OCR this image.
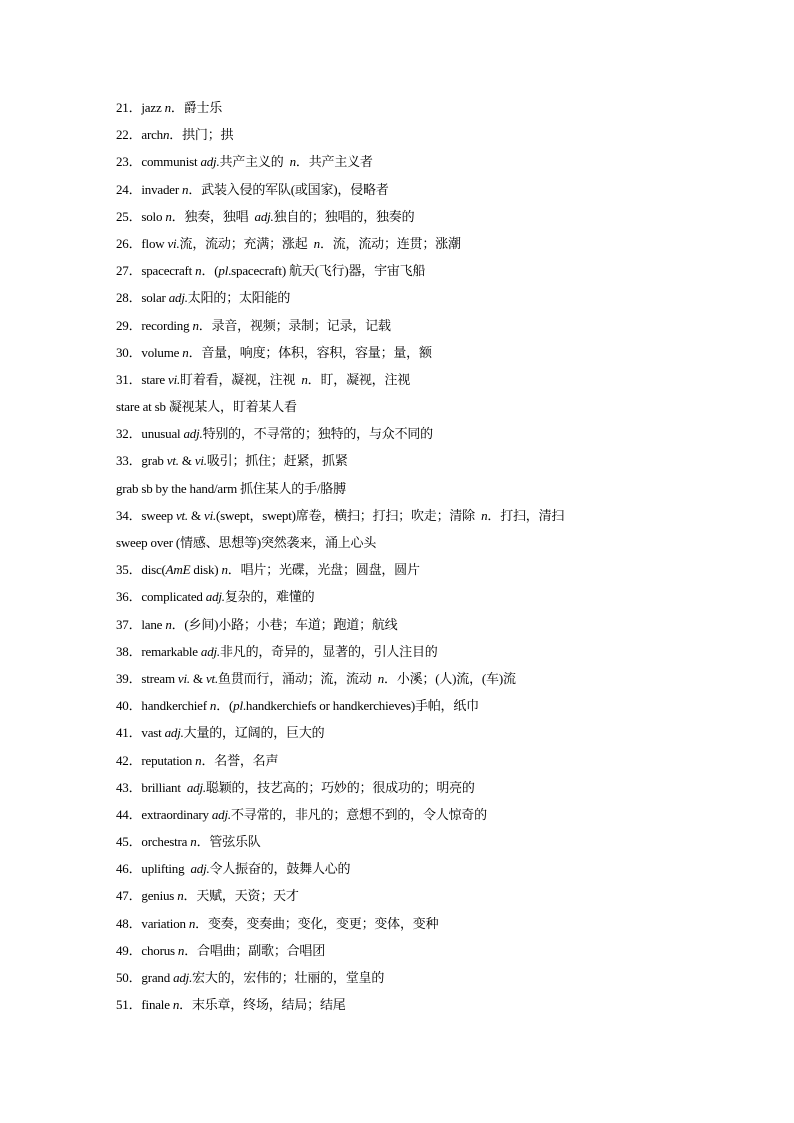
21．jazz n．爵士乐
22．archn．拱门；拱
23．communist adj.共产主义的  n．共产主义者
24．invader n．武装入侵的军队(或国家)，侵略者
25．solo n．独奏，独唱  adj.独自的；独唱的，独奏的
26．flow vi.流，流动；充满；涨起  n．流，流动；连贯；涨潮
27．spacecraft n．(pl.spacecraft) 航天(飞行)器，宇宙飞船
28．solar adj.太阳的；太阳能的
29．recording n．录音，视频；录制；记录，记载
30．volume n．音量，响度；体积，容积，容量；量，额
31．stare vi.盯着看，凝视，注视  n．盯，凝视，注视
stare at sb 凝视某人，盯着某人看
32．unusual adj.特别的，不寻常的；独特的，与众不同的
33．grab vt. & vi.吸引；抓住；赶紧，抓紧
grab sb by the hand/arm 抓住某人的手/胳膊
34．sweep vt. & vi.(swept，swept)席卷，横扫；打扫；吹走；清除  n．打扫，清扫
sweep over (情感、思想等)突然袭来，涌上心头
35．disc(AmE disk) n．唱片；光碟，光盘；圆盘，圆片
36．complicated adj.复杂的，难懂的
37．lane n．(乡间)小路；小巷；车道；跑道；航线
38．remarkable adj.非凡的，奇异的，显著的，引人注目的
39．stream vi. & vt.鱼贯而行，涌动；流，流动  n．小溪；(人)流，(车)流
40．handkerchief n．(pl.handkerchiefs or handkerchieves)手帕，纸巾
41．vast adj.大量的，辽阔的，巨大的
42．reputation n．名誉，名声
43．brilliant  adj.聪颖的，技艺高的；巧妙的；很成功的；明亮的
44．extraordinary adj.不寻常的，非凡的；意想不到的，令人惊奇的
45．orchestra n．管弦乐队
46．uplifting  adj.令人振奋的，鼓舞人心的
47．genius n．天赋，天资；天才
48．variation n．变奏，变奏曲；变化，变更；变体，变种
49．chorus n．合唱曲；副歌；合唱团
50．grand adj.宏大的，宏伟的；壮丽的，堂皇的
51．finale n．末乐章，终场，结局；结尾
